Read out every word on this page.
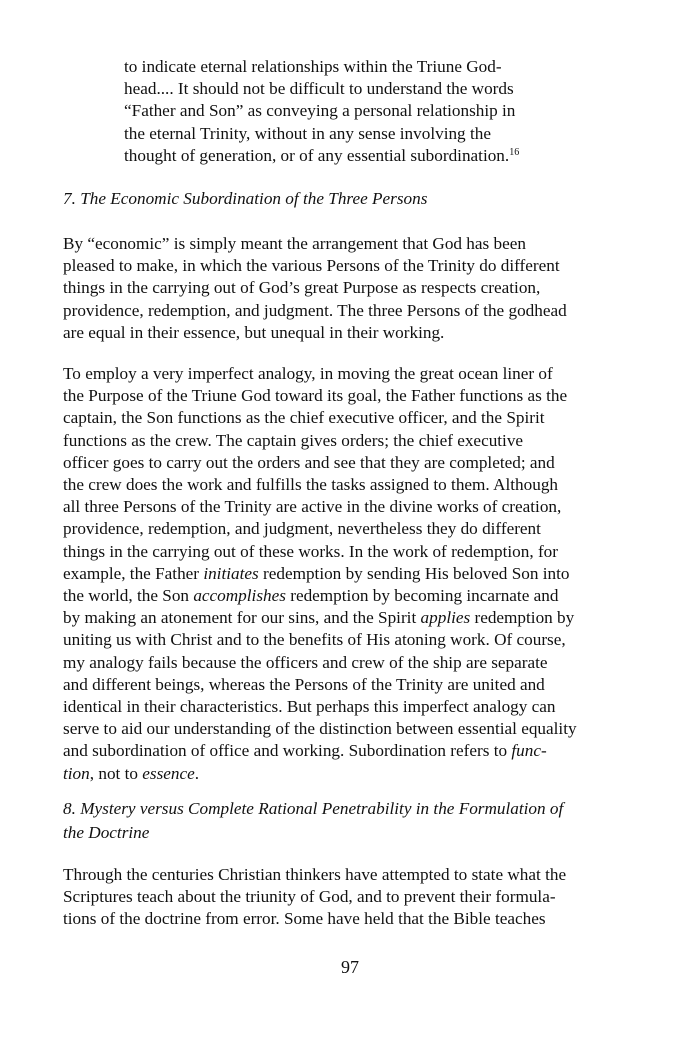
to indicate eternal relationships within the Triune God-
head.... It should not be difficult to understand the words
“Father and Son” as conveying a personal relationship in
the eternal Trinity, without in any sense involving the
thought of generation, or of any essential subordination.$^{16}$
7. The Economic Subordination of the Three Persons
By “economic” is simply meant the arrangement that God has been
pleased to make, in which the various Persons of the Trinity do different
things in the carrying out of God’s great Purpose as respects creation,
providence, redemption, and judgment. The three Persons of the godhead
are equal in their essence, but unequal in their working.
To employ a very imperfect analogy, in moving the great ocean liner of
the Purpose of the Triune God toward its goal, the Father functions as the
captain, the Son functions as the chief executive officer, and the Spirit
functions as the crew. The captain gives orders; the chief executive
officer goes to carry out the orders and see that they are completed; and
the crew does the work and fulfills the tasks assigned to them. Although
all three Persons of the Trinity are active in the divine works of creation,
providence, redemption, and judgment, nevertheless they do different
things in the carrying out of these works. In the work of redemption, for
example, the Father initiates redemption by sending His beloved Son into
the world, the Son accomplishes redemption by becoming incarnate and
by making an atonement for our sins, and the Spirit applies redemption by
uniting us with Christ and to the benefits of His atoning work. Of course,
my analogy fails because the officers and crew of the ship are separate
and different beings, whereas the Persons of the Trinity are united and
identical in their characteristics. But perhaps this imperfect analogy can
serve to aid our understanding of the distinction between essential equality
and subordination of office and working. Subordination refers to func-
tion, not to essence.
8. Mystery versus Complete Rational Penetrability in the Formulation of
the Doctrine
Through the centuries Christian thinkers have attempted to state what the
Scriptures teach about the triunity of God, and to prevent their formula-
tions of the doctrine from error. Some have held that the Bible teaches
97
